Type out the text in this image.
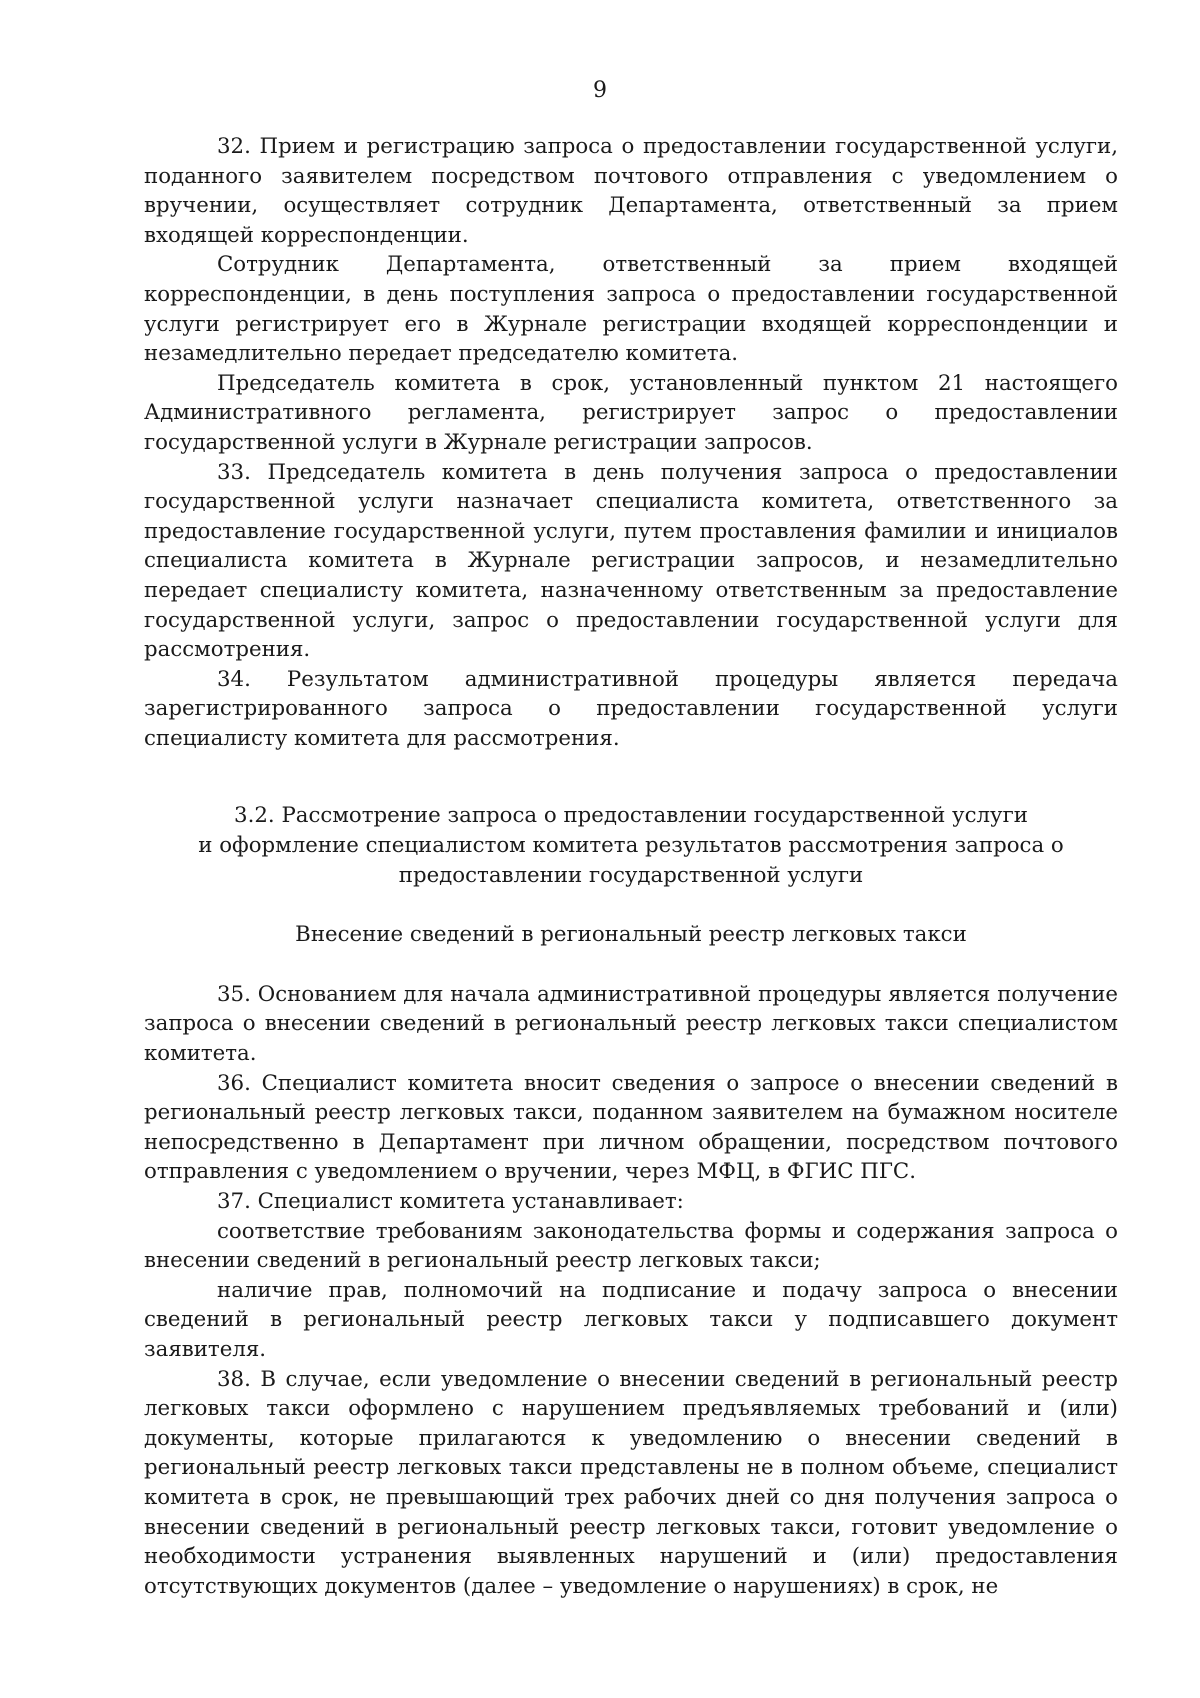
9

32. Прием и регистрацию запроса о предоставлении государственной услуги, поданного заявителем посредством почтового отправления с уведомлением о вручении, осуществляет сотрудник Департамента, ответственный за прием входящей корреспонденции.

Сотрудник Департамента, ответственный за прием входящей корреспонденции, в день поступления запроса о предоставлении государственной услуги регистрирует его в Журнале регистрации входящей корреспонденции и незамедлительно передает председателю комитета.

Председатель комитета в срок, установленный пунктом 21 настоящего Административного регламента, регистрирует запрос о предоставлении государственной услуги в Журнале регистрации запросов.

33. Председатель комитета в день получения запроса о предоставлении государственной услуги назначает специалиста комитета, ответственного за предоставление государственной услуги, путем проставления фамилии и инициалов специалиста комитета в Журнале регистрации запросов, и незамедлительно передает специалисту комитета, назначенному ответственным за предоставление государственной услуги, запрос о предоставлении государственной услуги для рассмотрения.

34. Результатом административной процедуры является передача зарегистрированного запроса о предоставлении государственной услуги специалисту комитета для рассмотрения.

3.2. Рассмотрение запроса о предоставлении государственной услуги

и оформление специалистом комитета результатов рассмотрения запроса о

предоставлении государственной услуги

Внесение сведений в региональный реестр легковых такси

35. Основанием для начала административной процедуры является получение запроса о внесении сведений в региональный реестр легковых такси специалистом комитета.

36. Специалист комитета вносит сведения о запросе о внесении сведений в региональный реестр легковых такси, поданном заявителем на бумажном носителе непосредственно в Департамент при личном обращении, посредством почтового отправления с уведомлением о вручении, через МФЦ, в ФГИС ПГС.

37. Специалист комитета устанавливает:

соответствие требованиям законодательства формы и содержания запроса о внесении сведений в региональный реестр легковых такси;

наличие прав, полномочий на подписание и подачу запроса о внесении сведений в региональный реестр легковых такси у подписавшего документ заявителя.

38. В случае, если уведомление о внесении сведений в региональный реестр легковых такси оформлено с нарушением предъявляемых требований и (или) документы, которые прилагаются к уведомлению о внесении сведений в региональный реестр легковых такси представлены не в полном объеме, специалист комитета в срок, не превышающий трех рабочих дней со дня получения запроса о внесении сведений в региональный реестр легковых такси, готовит уведомление о необходимости устранения выявленных нарушений и (или) предоставления отсутствующих документов (далее – уведомление о нарушениях) в срок, не
